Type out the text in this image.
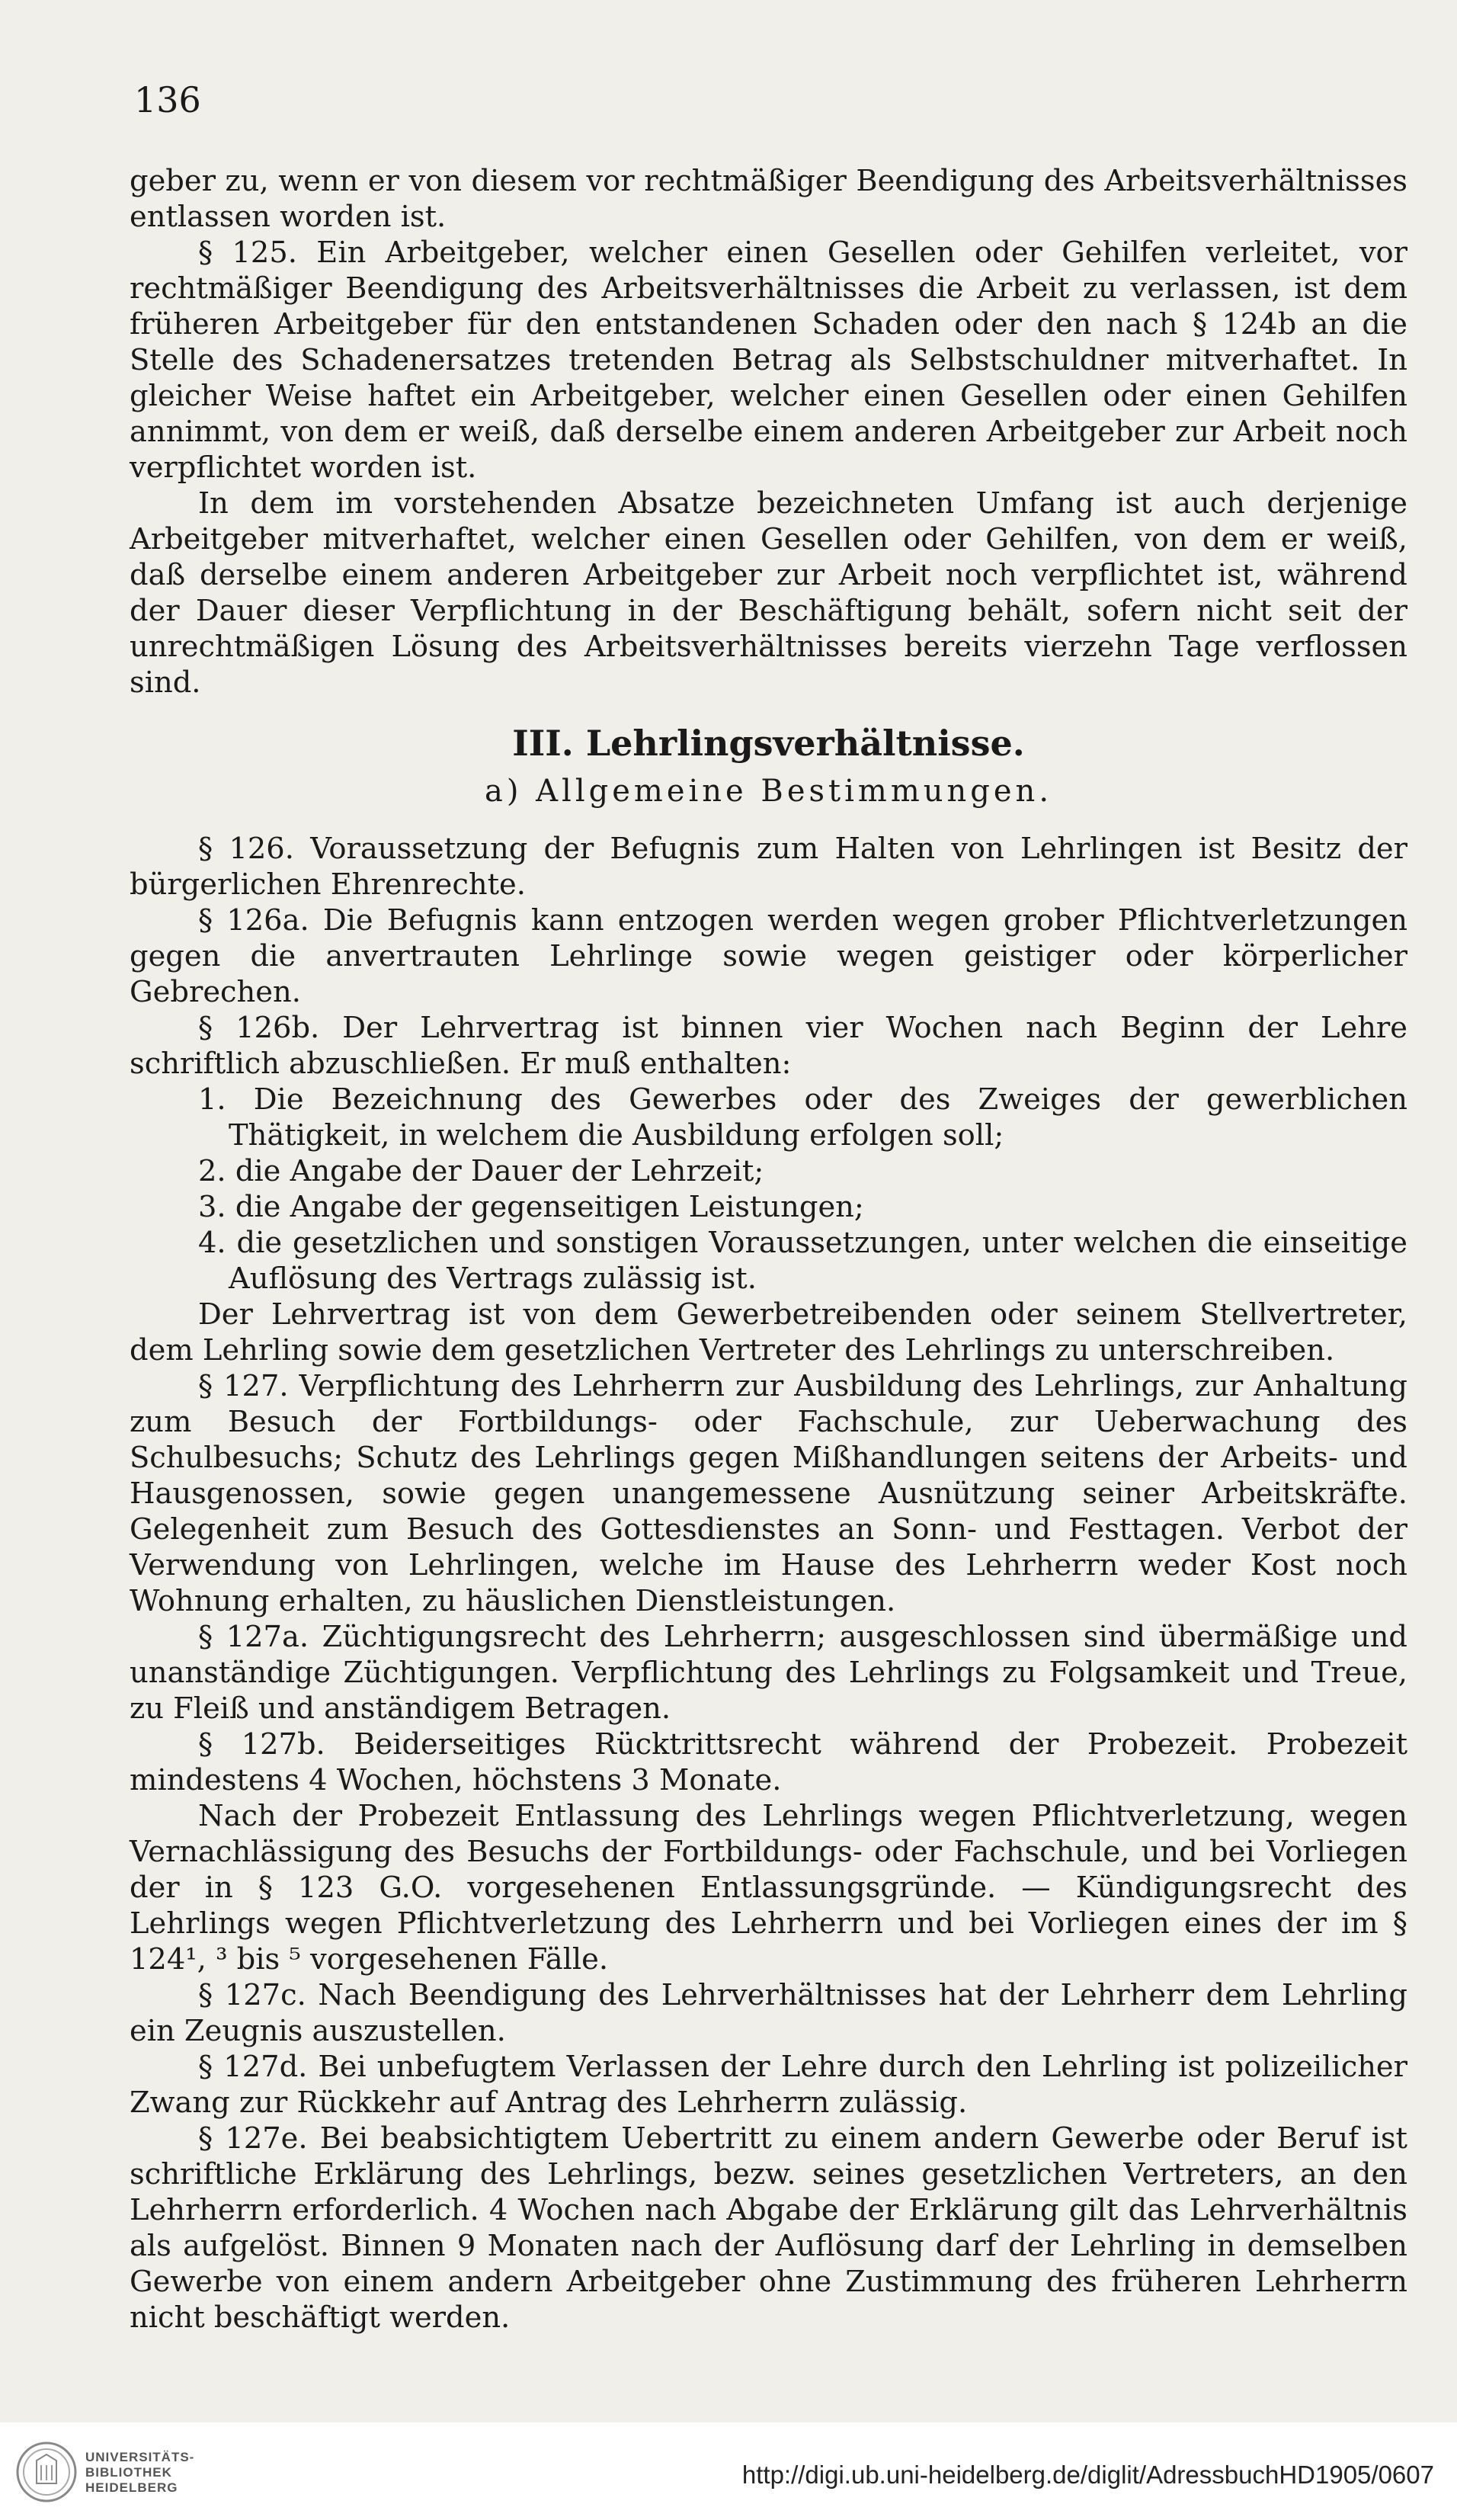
136

geber zu, wenn er von diesem vor rechtmäßiger Beendigung des Arbeitsverhältnisses entlassen worden ist.

§ 125. Ein Arbeitgeber, welcher einen Gesellen oder Gehilfen verleitet, vor rechtmäßiger Beendigung des Arbeitsverhältnisses die Arbeit zu verlassen, ist dem früheren Arbeitgeber für den entstandenen Schaden oder den nach § 124b an die Stelle des Schadenersatzes tretenden Betrag als Selbstschuldner mitverhaftet. In gleicher Weise haftet ein Arbeitgeber, welcher einen Gesellen oder einen Gehilfen annimmt, von dem er weiß, daß derselbe einem anderen Arbeitgeber zur Arbeit noch verpflichtet worden ist.

In dem im vorstehenden Absatze bezeichneten Umfang ist auch derjenige Arbeitgeber mitverhaftet, welcher einen Gesellen oder Gehilfen, von dem er weiß, daß derselbe einem anderen Arbeitgeber zur Arbeit noch verpflichtet ist, während der Dauer dieser Verpflichtung in der Beschäftigung behält, sofern nicht seit der unrechtmäßigen Lösung des Arbeitsverhältnisses bereits vierzehn Tage verflossen sind.

III. Lehrlingsverhältnisse.
a) Allgemeine Bestimmungen.

§ 126. Voraussetzung der Befugnis zum Halten von Lehrlingen ist Besitz der bürgerlichen Ehrenrechte.

§ 126a. Die Befugnis kann entzogen werden wegen grober Pflichtverletzungen gegen die anvertrauten Lehrlinge sowie wegen geistiger oder körperlicher Gebrechen.

§ 126b. Der Lehrvertrag ist binnen vier Wochen nach Beginn der Lehre schriftlich abzuschließen. Er muß enthalten:

1. Die Bezeichnung des Gewerbes oder des Zweiges der gewerblichen Thätigkeit, in welchem die Ausbildung erfolgen soll;

2. die Angabe der Dauer der Lehrzeit;

3. die Angabe der gegenseitigen Leistungen;

4. die gesetzlichen und sonstigen Voraussetzungen, unter welchen die einseitige Auflösung des Vertrags zulässig ist.

Der Lehrvertrag ist von dem Gewerbetreibenden oder seinem Stellvertreter, dem Lehrling sowie dem gesetzlichen Vertreter des Lehrlings zu unterschreiben.

§ 127. Verpflichtung des Lehrherrn zur Ausbildung des Lehrlings, zur Anhaltung zum Besuch der Fortbildungs- oder Fachschule, zur Ueberwachung des Schulbesuchs; Schutz des Lehrlings gegen Mißhandlungen seitens der Arbeits- und Hausgenossen, sowie gegen unangemessene Ausnützung seiner Arbeitskräfte. Gelegenheit zum Besuch des Gottesdienstes an Sonn- und Festtagen. Verbot der Verwendung von Lehrlingen, welche im Hause des Lehrherrn weder Kost noch Wohnung erhalten, zu häuslichen Dienstleistungen.

§ 127a. Züchtigungsrecht des Lehrherrn; ausgeschlossen sind übermäßige und unanständige Züchtigungen. Verpflichtung des Lehrlings zu Folgsamkeit und Treue, zu Fleiß und anständigem Betragen.

§ 127b. Beiderseitiges Rücktrittsrecht während der Probezeit. Probezeit mindestens 4 Wochen, höchstens 3 Monate.

Nach der Probezeit Entlassung des Lehrlings wegen Pflichtverletzung, wegen Vernachlässigung des Besuchs der Fortbildungs- oder Fachschule, und bei Vorliegen der in § 123 G.O. vorgesehenen Entlassungsgründe. — Kündigungsrecht des Lehrlings wegen Pflichtverletzung des Lehrherrn und bei Vorliegen eines der im § 124¹, ³ bis ⁵ vorgesehenen Fälle.

§ 127c. Nach Beendigung des Lehrverhältnisses hat der Lehrherr dem Lehrling ein Zeugnis auszustellen.

§ 127d. Bei unbefugtem Verlassen der Lehre durch den Lehrling ist polizeilicher Zwang zur Rückkehr auf Antrag des Lehrherrn zulässig.

§ 127e. Bei beabsichtigtem Uebertritt zu einem andern Gewerbe oder Beruf ist schriftliche Erklärung des Lehrlings, bezw. seines gesetzlichen Vertreters, an den Lehrherrn erforderlich. 4 Wochen nach Abgabe der Erklärung gilt das Lehrverhältnis als aufgelöst. Binnen 9 Monaten nach der Auflösung darf der Lehrling in demselben Gewerbe von einem andern Arbeitgeber ohne Zustimmung des früheren Lehrherrn nicht beschäftigt werden.

UNIVERSITÄTS-
BIBLIOTHEK
HEIDELBERG	http://digi.ub.uni-heidelberg.de/diglit/AdressbuchHD1905/0607
